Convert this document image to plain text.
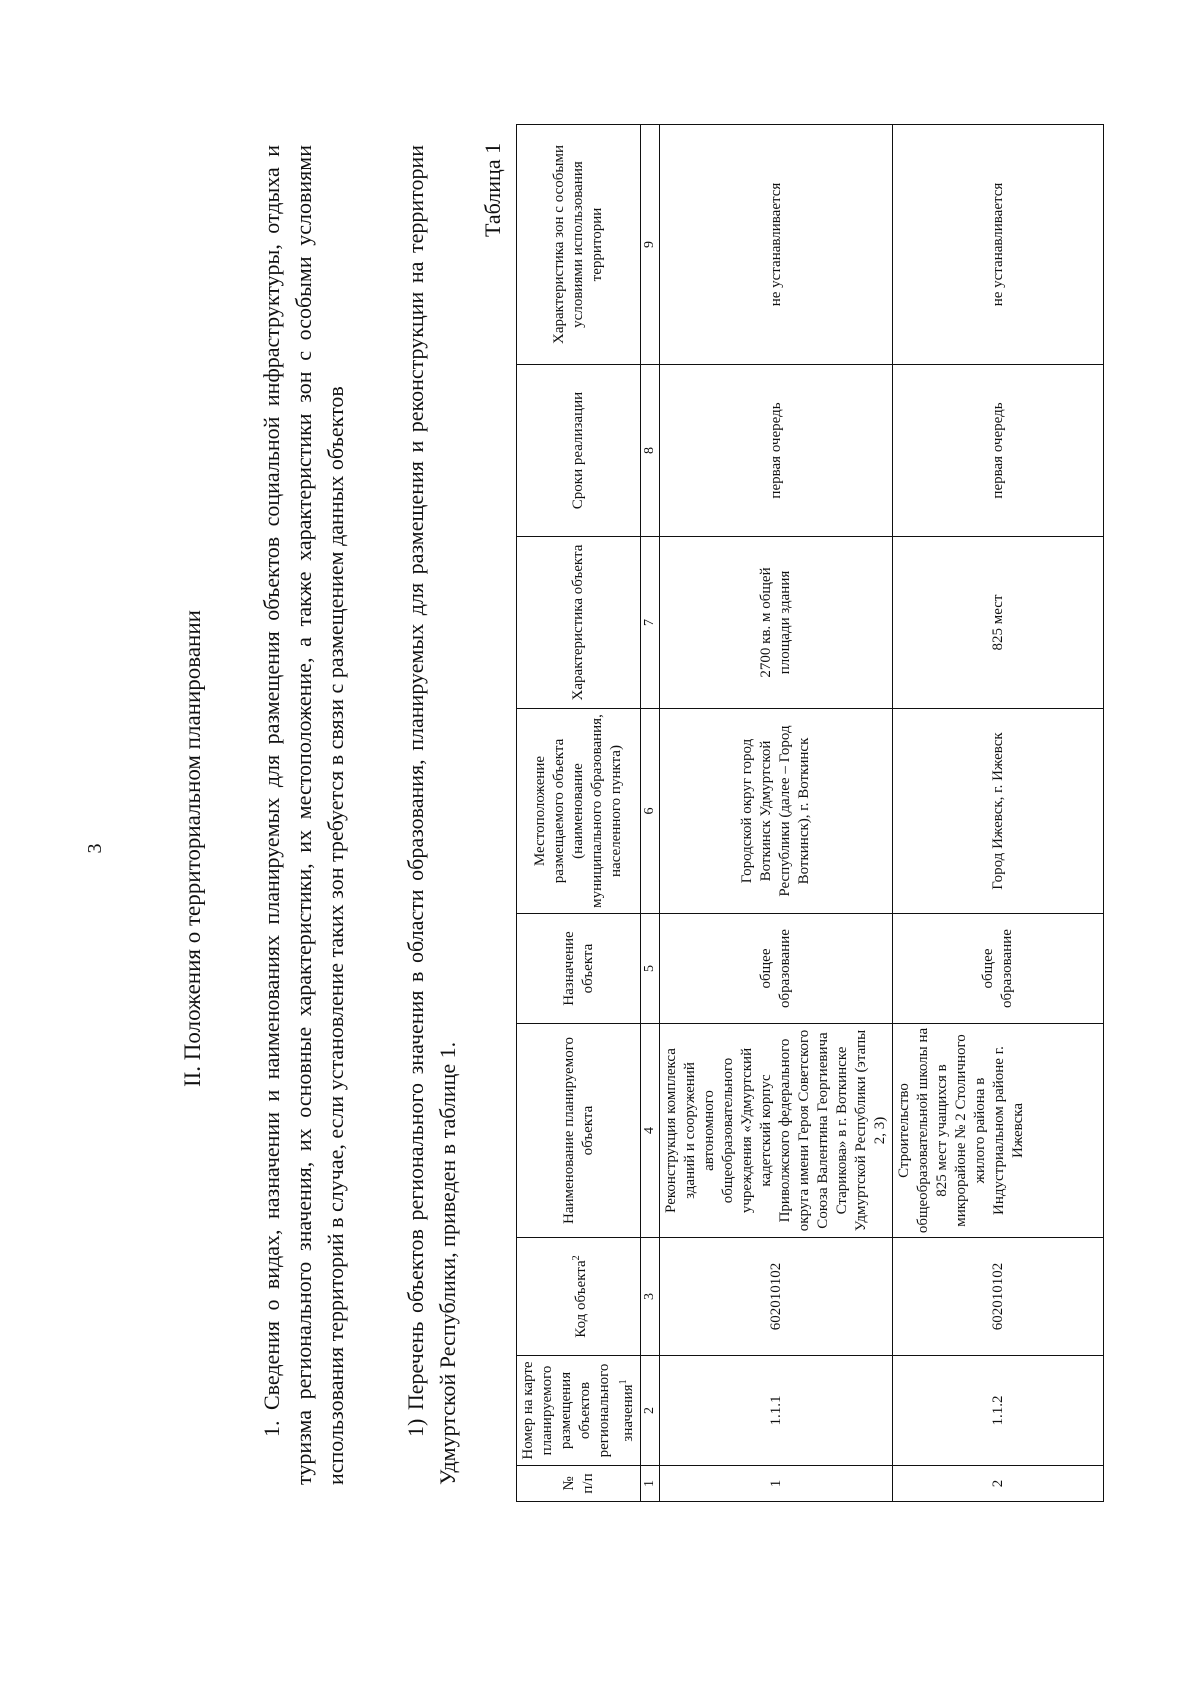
3	II. Положения о территориальном планировании 1. Сведения о видах, назначении и наименованиях планируемых для размещения объектов социальной инфраструктуры, отдыха и туризма регионального значения, их основные характеристики, их местоположение, а также характеристики зон с особыми условиями использования территорий в случае, если установление таких зон требуется в связи с размещением данных объектов	1) Перечень объектов регионального значения в области образования, планируемых для размещения и реконструкции на территории Удмуртской Республики, приведен в таблице 1.

Таблица 1
№ п/п	Номер на карте планируемого размещения объектов регионального значения$^1$	Код объекта$^2$	Наименование планируемого объекта	Назначение объекта	Местоположение размещаемого объекта (наименование муниципального образования, населенного пункта)	Характеристика объекта	Сроки реализации	Характеристика зон с особыми условиями использования территории
1	2	3	4	5	6	7	8	9
1	1.1.1	602010102	Реконструкция комплекса зданий и сооружений автономного общеобразовательного учреждения «Удмуртский кадетский корпус Приволжского федерального округа имени Героя Советского Союза Валентина Георгиевича Старикова» в г. Воткинске Удмуртской Республики (этапы 2, 3)	общее образование	Городской округ город Воткинск Удмуртской Республики (далее – Город Воткинск), г. Воткинск	2700 кв. м общей площади здания	первая очередь	не устанавливается
2	1.1.2	602010102	Строительство общеобразовательной школы на 825 мест учащихся в микрорайоне № 2 Столичного жилого района в Индустриальном районе г. Ижевска	общее образование	Город Ижевск, г. Ижевск	825 мест	первая очередь	не устанавливается
